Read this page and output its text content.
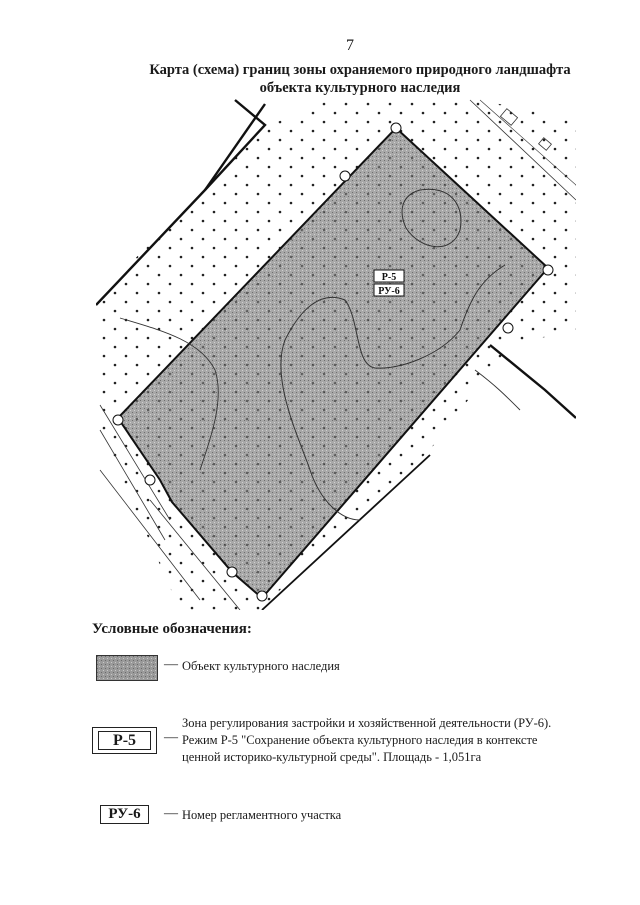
7
Карта (схема) границ зоны охраняемого природного ландшафта
объекта культурного наследия
Р-5
РУ-6
Условные обозначения:
— Объект культурного наследия
Р-5	—
Зона регулирования застройки и хозяйственной деятельности (РУ-6).
Режим Р-5 "Сохранение объекта культурного наследия в контексте
ценной историко-культурной среды". Площадь - 1,051га
РУ-6	— Номер регламентного участка
